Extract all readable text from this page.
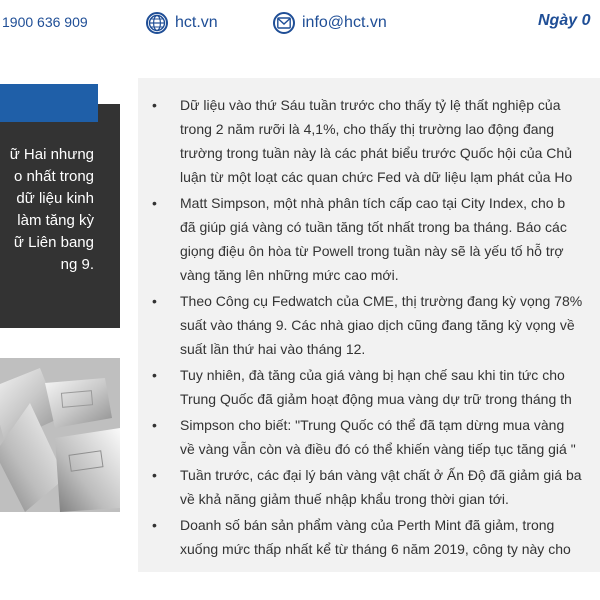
1900 636 909	hct.vn	info@hct.vn	Ngày 0
ữ Hai nhưng
o nhất trong
dữ liệu kinh
làm tăng kỳ
ữ Liên bang
ng 9.
• Dữ liệu vào thứ Sáu tuần trước cho thấy tỷ lệ thất nghiệp của
trong 2 năm rưỡi là 4,1%, cho thấy thị trường lao động đang
trường trong tuần này là các phát biểu trước Quốc hội của Chủ
luận từ một loạt các quan chức Fed và dữ liệu lạm phát của Ho
• Matt Simpson, một nhà phân tích cấp cao tại City Index, cho b
đã giúp giá vàng có tuần tăng tốt nhất trong ba tháng. Báo các
giọng điệu ôn hòa từ Powell trong tuần này sẽ là yếu tố hỗ trợ
vàng tăng lên những mức cao mới.
• Theo Công cụ Fedwatch của CME, thị trường đang kỳ vọng 78%
suất vào tháng 9. Các nhà giao dịch cũng đang tăng kỳ vọng về
suất lần thứ hai vào tháng 12.
• Tuy nhiên, đà tăng của giá vàng bị hạn chế sau khi tin tức cho
Trung Quốc đã giảm hoạt động mua vàng dự trữ trong tháng th
• Simpson cho biết: "Trung Quốc có thể đã tạm dừng mua vàng
về vàng vẫn còn và điều đó có thể khiến vàng tiếp tục tăng giá "
• Tuần trước, các đại lý bán vàng vật chất ở Ấn Độ đã giảm giá ba
về khả năng giảm thuế nhập khẩu trong thời gian tới.
• Doanh số bán sản phẩm vàng của Perth Mint đã giảm, trong
xuống mức thấp nhất kể từ tháng 6 năm 2019, công ty này cho
